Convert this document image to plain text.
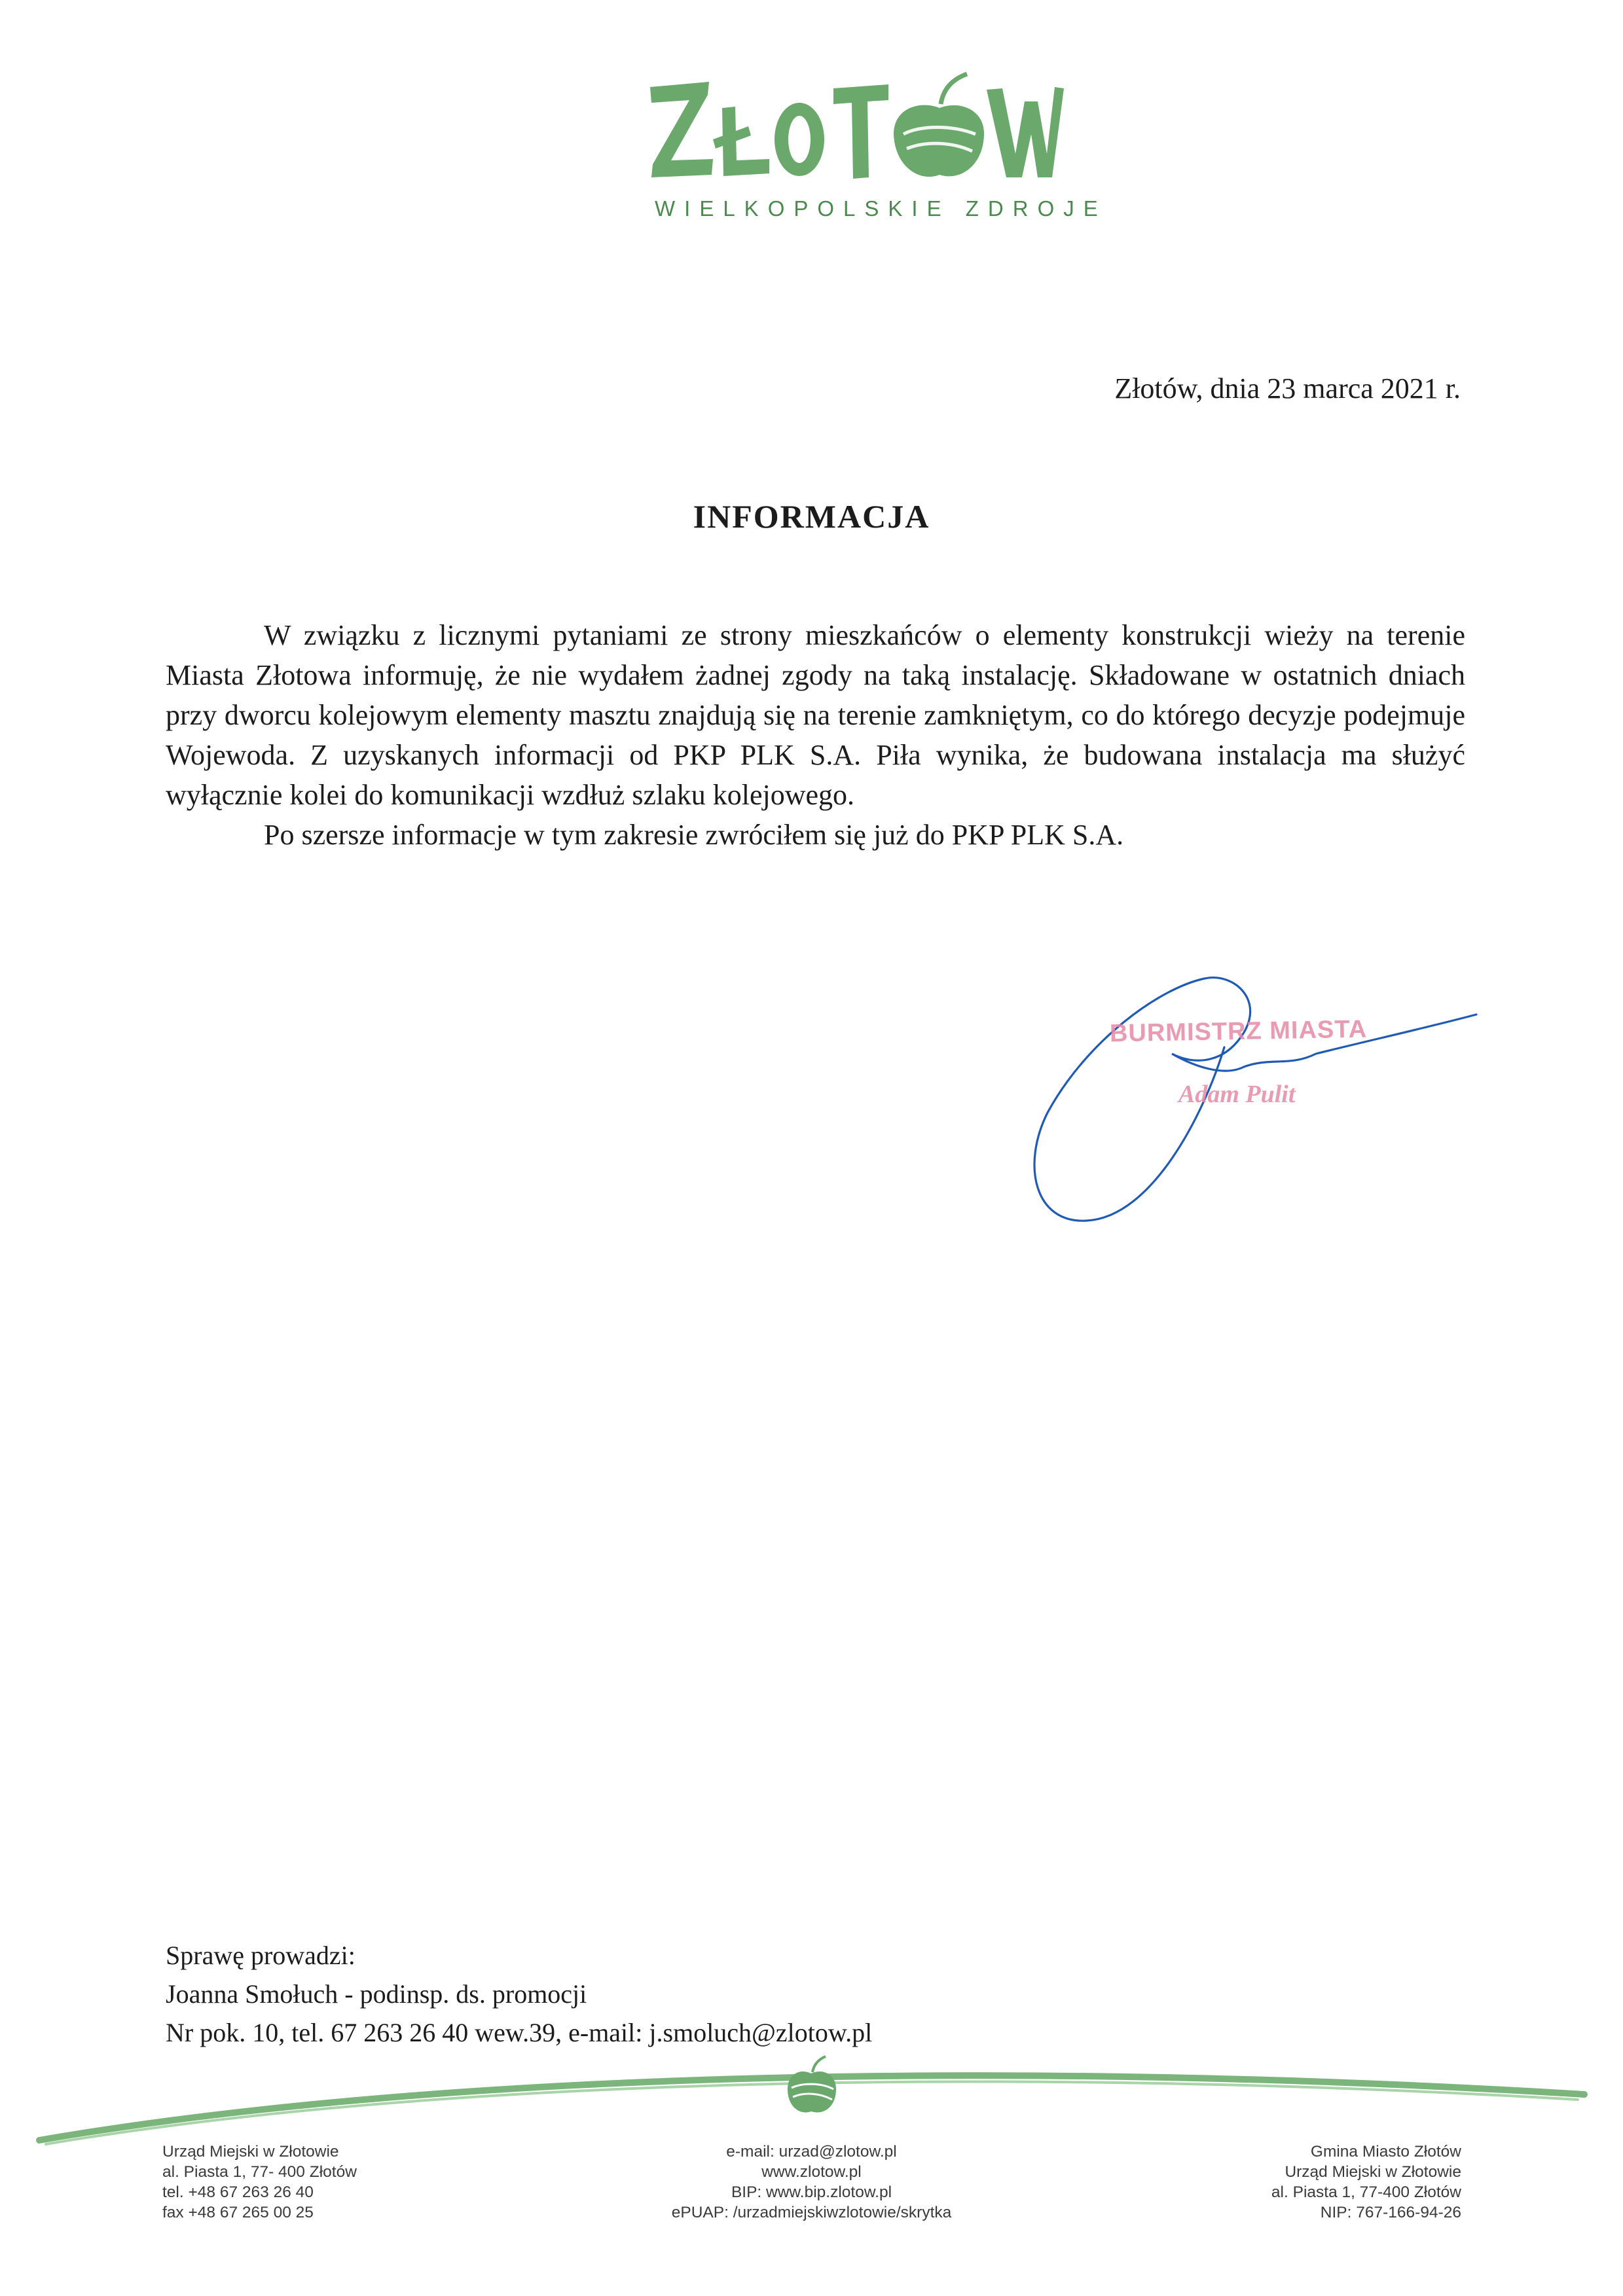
WIELKOPOLSKIE ZDROJE
Złotów, dnia 23 marca 2021 r.
INFORMACJA

W związku z licznymi pytaniami ze strony mieszkańców o elementy konstrukcji wieży na terenie Miasta Złotowa informuję, że nie wydałem żadnej zgody na taką instalację. Składowane w ostatnich dniach przy dworcu kolejowym elementy masztu znajdują się na terenie zamkniętym, co do którego decyzje podejmuje Wojewoda. Z uzyskanych informacji od PKP PLK S.A. Piła wynika, że budowana instalacja ma służyć wyłącznie kolei do komunikacji wzdłuż szlaku kolejowego.

Po szersze informacje w tym zakresie zwróciłem się już do PKP PLK S.A.

BURMISTRZ MIASTA
Adam Pulit
Sprawę prowadzi:
Joanna Smołuch - podinsp. ds. promocji
Nr pok. 10, tel. 67 263 26 40 wew.39, e-mail: j.smoluch@zlotow.pl
Urząd Miejski w Złotowie
al. Piasta 1, 77- 400 Złotów
tel. +48 67 263 26 40
fax +48 67 265 00 25
e-mail: urzad@zlotow.pl
www.zlotow.pl
BIP: www.bip.zlotow.pl
ePUAP: /urzadmiejskiwzlotowie/skrytka
Gmina Miasto Złotów
Urząd Miejski w Złotowie
al. Piasta 1, 77-400 Złotów
NIP: 767-166-94-26
